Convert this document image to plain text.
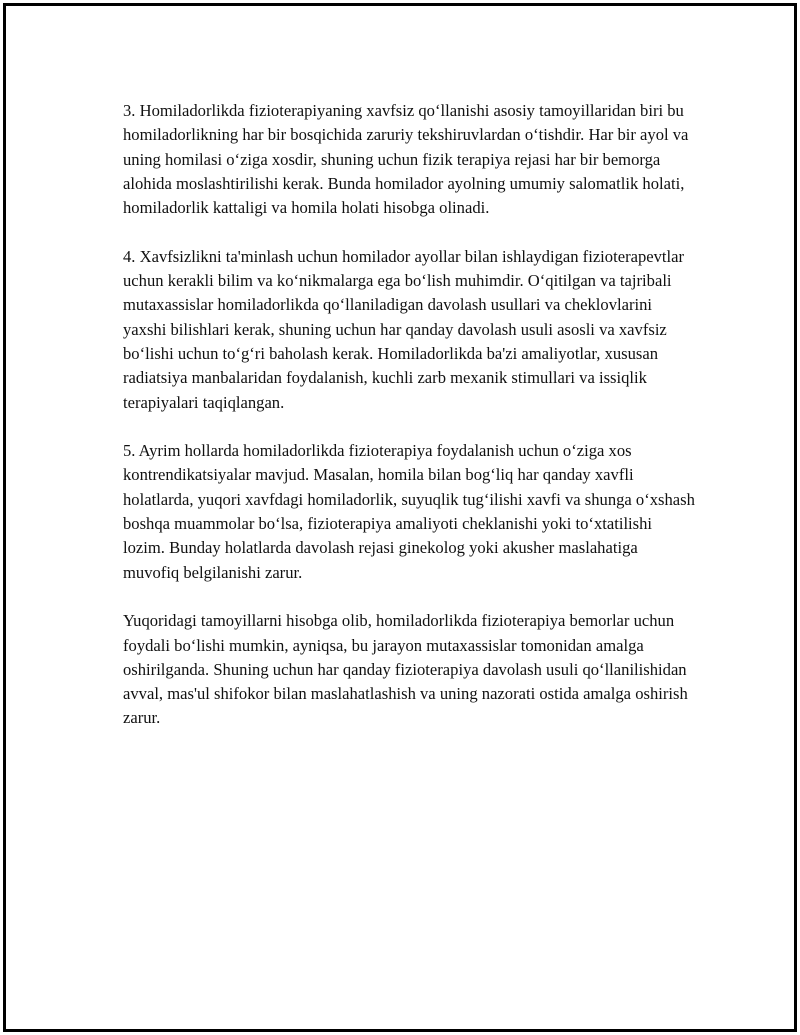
3. Homiladorlikda fizioterapiyaning xavfsiz qo‘llanishi asosiy tamoyillaridan biri bu homiladorlikning har bir bosqichida zaruriy tekshiruvlardan o‘tishdir. Har bir ayol va uning homilasi o‘ziga xosdir, shuning uchun fizik terapiya rejasi har bir bemorga alohida moslashtirilishi kerak. Bunda homilador ayolning umumiy salomatlik holati, homiladorlik kattaligi va homila holati hisobga olinadi.

4. Xavfsizlikni ta'minlash uchun homilador ayollar bilan ishlaydigan fizioterapevtlar uchun kerakli bilim va ko‘nikmalarga ega bo‘lish muhimdir. O‘qitilgan va tajribali mutaxassislar homiladorlikda qo‘llaniladigan davolash usullari va cheklovlarini yaxshi bilishlari kerak, shuning uchun har qanday davolash usuli asosli va xavfsiz bo‘lishi uchun to‘g‘ri baholash kerak. Homiladorlikda ba'zi amaliyotlar, xususan radiatsiya manbalaridan foydalanish, kuchli zarb mexanik stimullari va issiqlik terapiyalari taqiqlangan.

5. Ayrim hollarda homiladorlikda fizioterapiya foydalanish uchun o‘ziga xos kontrendikatsiyalar mavjud. Masalan, homila bilan bog‘liq har qanday xavfli holatlarda, yuqori xavfdagi homiladorlik, suyuqlik tug‘ilishi xavfi va shunga o‘xshash boshqa muammolar bo‘lsa, fizioterapiya amaliyoti cheklanishi yoki to‘xtatilishi lozim. Bunday holatlarda davolash rejasi ginekolog yoki akusher maslahatiga muvofiq belgilanishi zarur.

Yuqoridagi tamoyillarni hisobga olib, homiladorlikda fizioterapiya bemorlar uchun foydali bo‘lishi mumkin, ayniqsa, bu jarayon mutaxassislar tomonidan amalga oshirilganda. Shuning uchun har qanday fizioterapiya davolash usuli qo‘llanilishidan avval, mas'ul shifokor bilan maslahatlashish va uning nazorati ostida amalga oshirish zarur.
